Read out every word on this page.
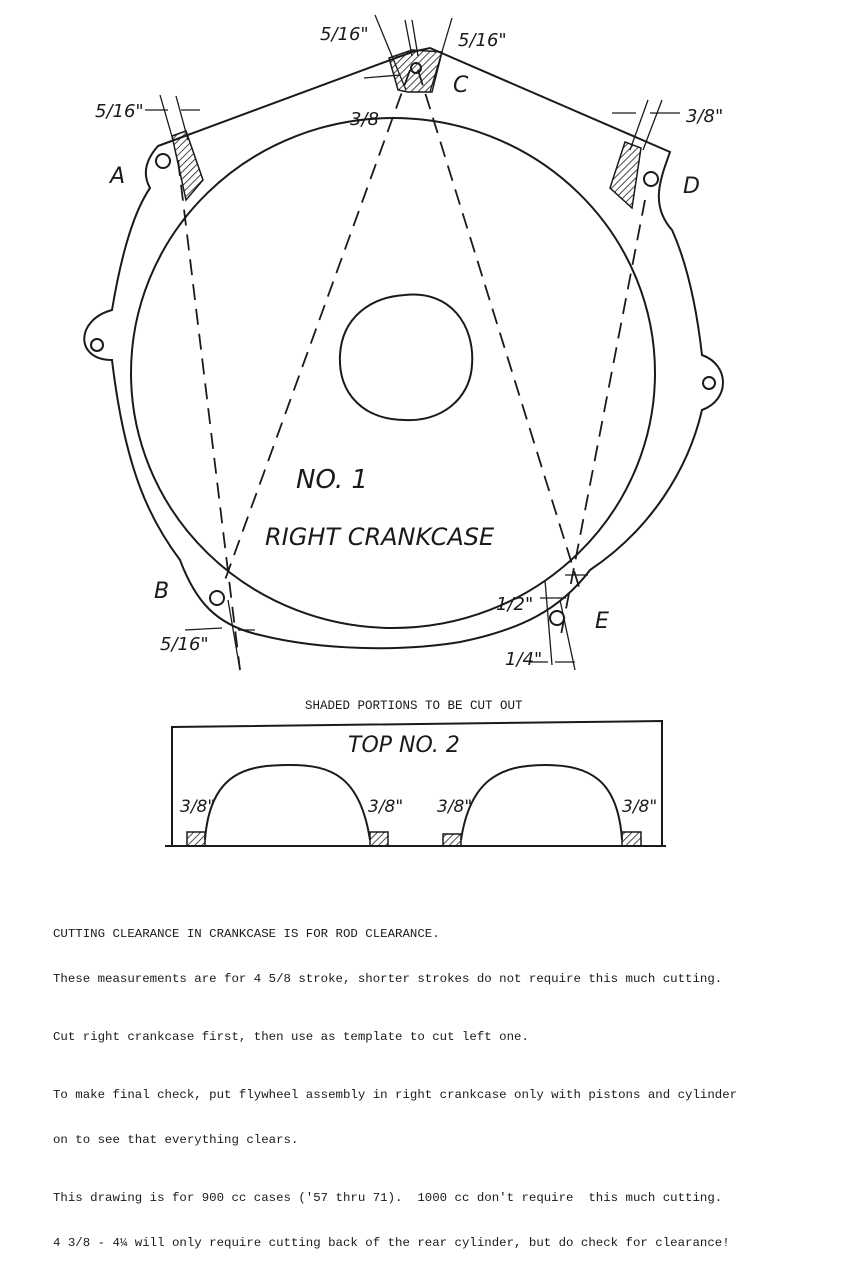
5/16"
5/16"	5/16"
3/8	3/8"
5/16"
1/2"
1/4"
A
C
D
B
E
NO. 1
RIGHT CRANKCASE
SHADED PORTIONS TO BE CUT OUT
TOP NO. 2
3/8"	3/8" 3/8"	3/8"

CUTTING CLEARANCE IN CRANKCASE IS FOR ROD CLEARANCE.

These measurements are for 4 5/8 stroke, shorter strokes do not require this much cutting.

Cut right crankcase first, then use as template to cut left one.

To make final check, put flywheel assembly in right crankcase only with pistons and cylinder

on to see that everything clears.

This drawing is for 900 cc cases ('57 thru 71).  1000 cc don't require  this much cutting.

4 3/8 - 4¼ will only require cutting back of the rear cylinder, but do check for clearance!
